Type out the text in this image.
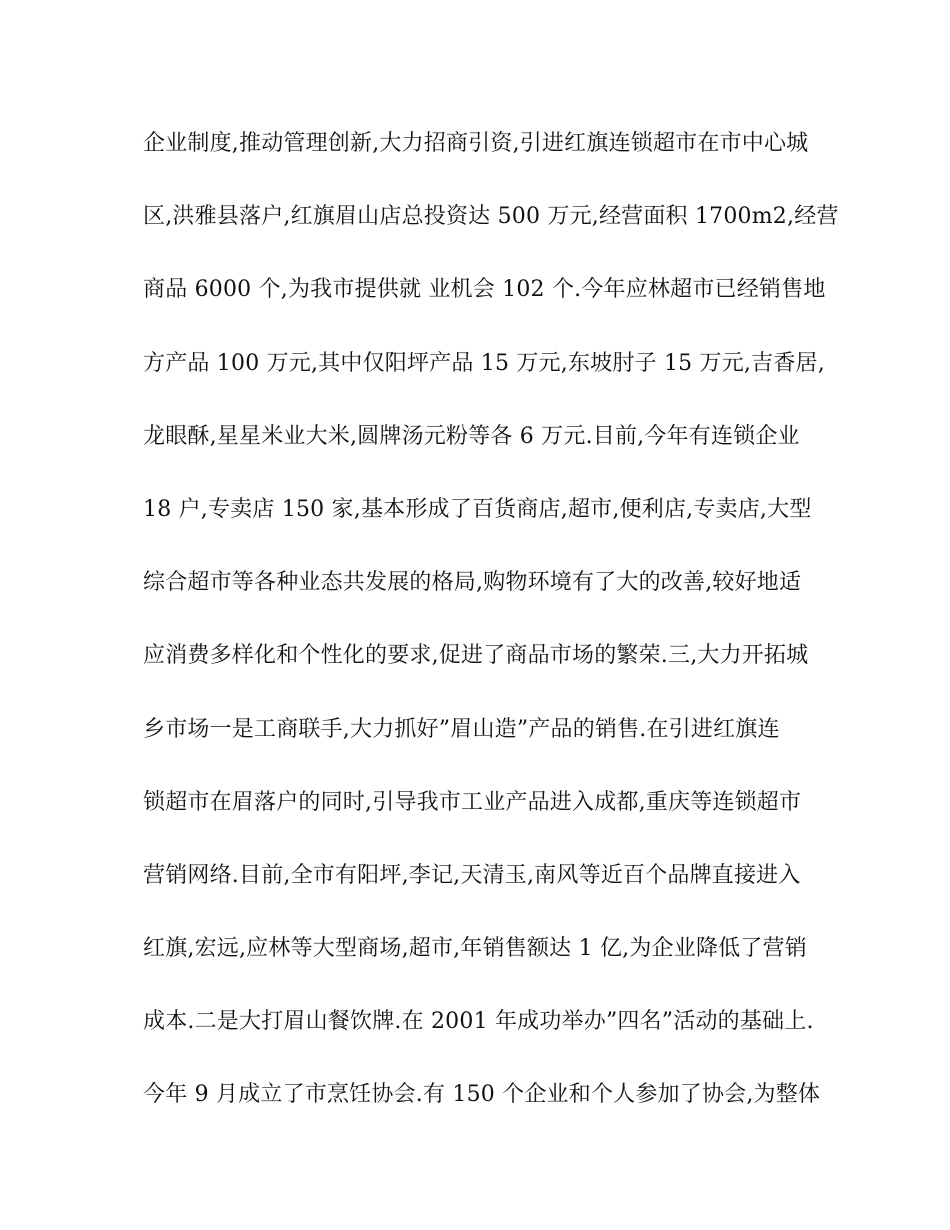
企业制度,推动管理创新,大力招商引资,引进红旗连锁超市在市中心城
区,洪雅县落户,红旗眉山店总投资达 500 万元,经营面积 1700m2,经营
商品 6000 个,为我市提供就 业机会 102 个.今年应林超市已经销售地
方产品 100 万元,其中仅阳坪产品 15 万元,东坡肘子 15 万元,吉香居,
龙眼酥,星星米业大米,圆牌汤元粉等各 6 万元.目前,今年有连锁企业
18 户,专卖店 150 家,基本形成了百货商店,超市,便利店,专卖店,大型
综合超市等各种业态共发展的格局,购物环境有了大的改善,较好地适
应消费多样化和个性化的要求,促进了商品市场的繁荣.三,大力开拓城
乡市场一是工商联手,大力抓好”眉山造”产品的销售.在引进红旗连
锁超市在眉落户的同时,引导我市工业产品进入成都,重庆等连锁超市
营销网络.目前,全市有阳坪,李记,天清玉,南风等近百个品牌直接进入
红旗,宏远,应林等大型商场,超市,年销售额达 1 亿,为企业降低了营销
成本.二是大打眉山餐饮牌.在 2001 年成功举办”四名”活动的基础上.
今年 9 月成立了市烹饪协会.有 150 个企业和个人参加了协会,为整体
